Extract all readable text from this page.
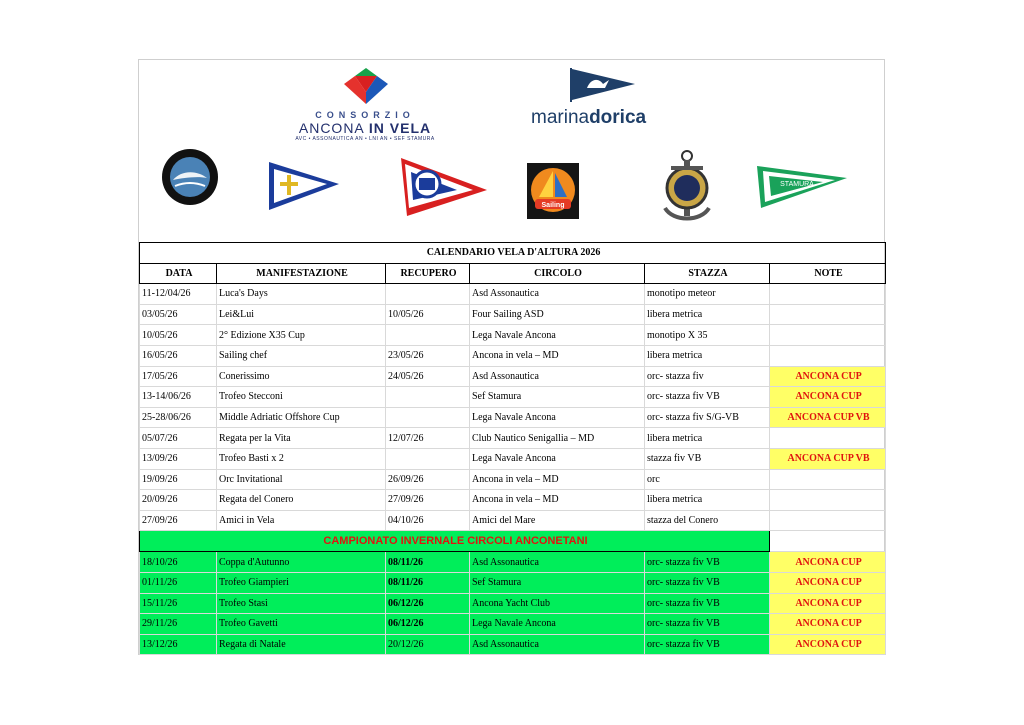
CONSORZIO
ANCONA IN VELA
AVC • ASSONAUTICA AN • LNI AN • SEF STAMURA
marinadorica
Sailing
STAMURA
CALENDARIO VELA D'ALTURA 2026					
DATA	MANIFESTAZIONE	RECUPERO	CIRCOLO	STAZZA	NOTE
11-12/04/26	Luca's Days		Asd Assonautica	monotipo meteor	
03/05/26	Lei&Lui	10/05/26	Four Sailing ASD	libera metrica	
10/05/26	2° Edizione X35 Cup		Lega Navale Ancona	monotipo X 35	
16/05/26	Sailing chef	23/05/26	Ancona in vela – MD	libera metrica	
17/05/26	Conerissimo	24/05/26	Asd Assonautica	orc- stazza fiv	ANCONA CUP
13-14/06/26	Trofeo Stecconi		Sef Stamura	orc- stazza fiv VB	ANCONA CUP
25-28/06/26	Middle Adriatic Offshore Cup		Lega Navale Ancona	orc- stazza fiv S/G-VB	ANCONA CUP VB
05/07/26	Regata per la Vita	12/07/26	Club Nautico Senigallia – MD	libera metrica	
13/09/26	Trofeo Basti x 2		Lega Navale Ancona	stazza fiv VB	ANCONA CUP VB
19/09/26	Orc Invitational	26/09/26	Ancona in vela – MD	orc	
20/09/26	Regata del Conero	27/09/26	Ancona in vela – MD	libera metrica	
27/09/26	Amici in Vela	04/10/26	Amici del Mare	stazza del Conero	
CAMPIONATO INVERNALE CIRCOLI ANCONETANI					
18/10/26	Coppa d'Autunno	08/11/26	Asd Assonautica	orc- stazza fiv VB	ANCONA CUP
01/11/26	Trofeo Giampieri	08/11/26	Sef Stamura	orc- stazza fiv VB	ANCONA CUP
15/11/26	Trofeo Stasi	06/12/26	Ancona Yacht Club	orc- stazza fiv VB	ANCONA CUP
29/11/26	Trofeo Gavetti	06/12/26	Lega Navale Ancona	orc- stazza fiv VB	ANCONA CUP
13/12/26	Regata di Natale	20/12/26	Asd Assonautica	orc- stazza fiv VB	ANCONA CUP
